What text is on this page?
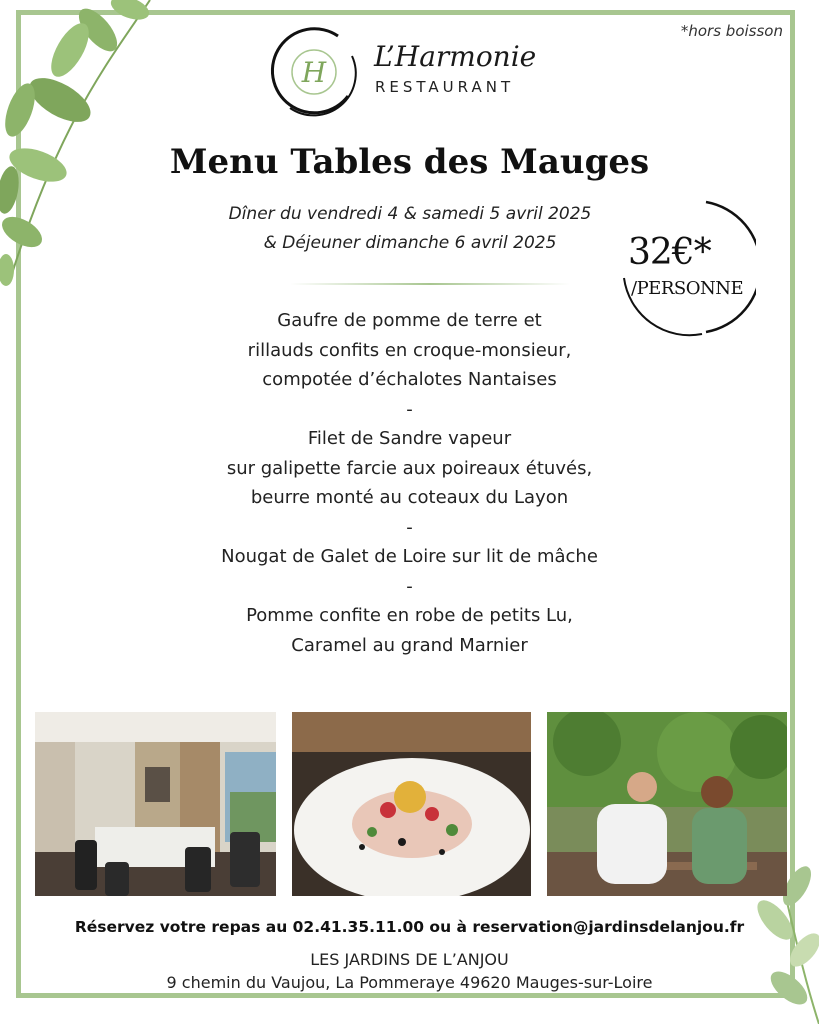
*hors boisson
H L’Harmonie
RESTAURANT
Menu Tables des Mauges
Dîner du vendredi 4 & samedi 5 avril 2025
& Déjeuner dimanche 6 avril 2025	32€*
/PERSONNE
Gaufre de pomme de terre et
rillauds confits en croque-monsieur,
compotée d’échalotes Nantaises
-
Filet de Sandre vapeur
sur galipette farcie aux poireaux étuvés,
beurre monté au coteaux du Layon
-
Nougat de Galet de Loire sur lit de mâche
-
Pomme confite en robe de petits Lu,
Caramel au grand Marnier
Réservez votre repas au 02.41.35.11.00 ou à reservation@jardinsdelanjou.fr
LES JARDINS DE L’ANJOU
9 chemin du Vaujou, La Pommeraye 49620 Mauges-sur-Loire
